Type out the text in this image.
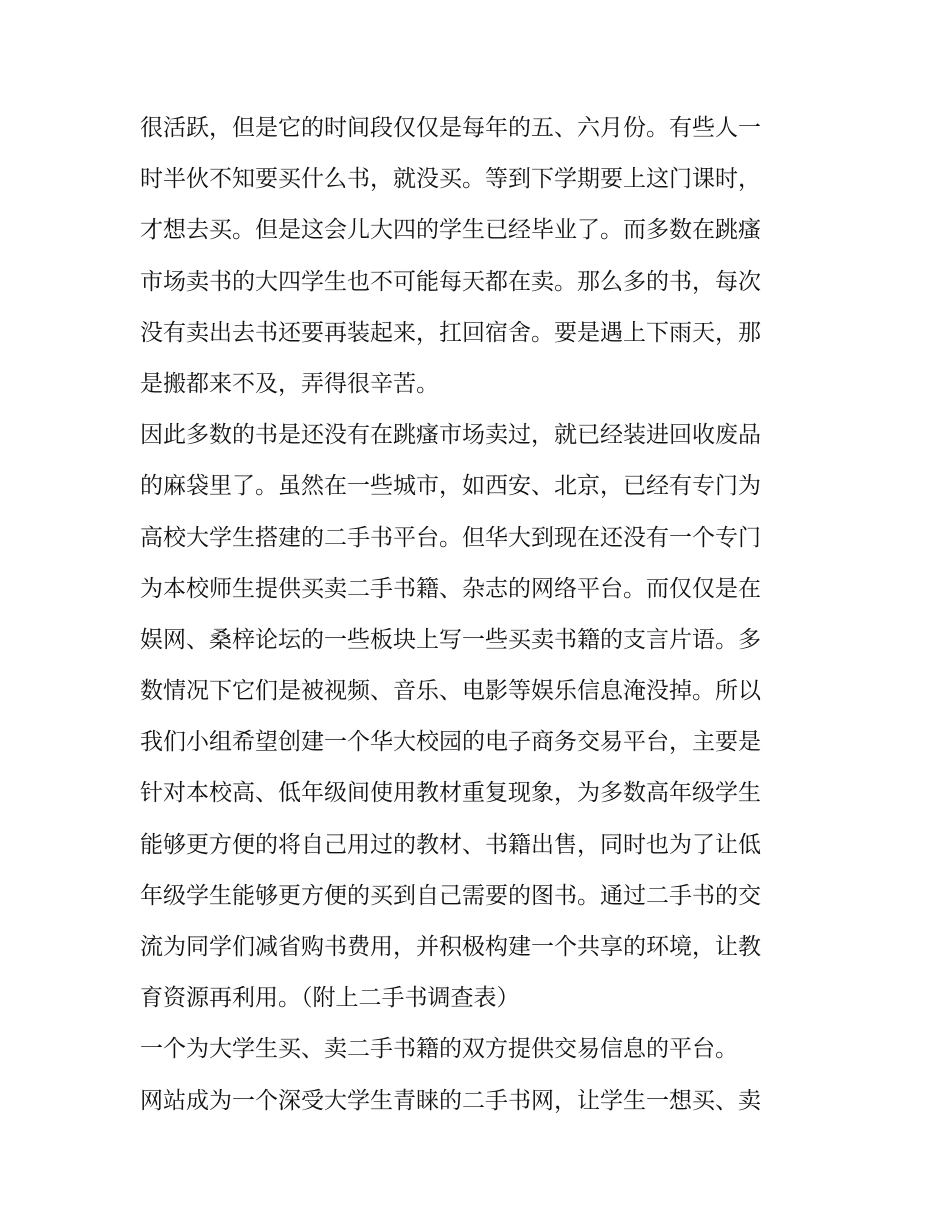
很活跃，但是它的时间段仅仅是每年的五、六月份。有些人一
时半伙不知要买什么书，就没买。等到下学期要上这门课时，
才想去买。但是这会儿大四的学生已经毕业了。而多数在跳瘙
市场卖书的大四学生也不可能每天都在卖。那么多的书，每次
没有卖出去书还要再装起来，扛回宿舍。要是遇上下雨天，那
是搬都来不及，弄得很辛苦。
因此多数的书是还没有在跳瘙市场卖过，就已经装进回收废品
的麻袋里了。虽然在一些城市，如西安、北京，已经有专门为
高校大学生搭建的二手书平台。但华大到现在还没有一个专门
为本校师生提供买卖二手书籍、杂志的网络平台。而仅仅是在
娱网、桑梓论坛的一些板块上写一些买卖书籍的支言片语。多
数情况下它们是被视频、音乐、电影等娱乐信息淹没掉。所以
我们小组希望创建一个华大校园的电子商务交易平台，主要是
针对本校高、低年级间使用教材重复现象，为多数高年级学生
能够更方便的将自己用过的教材、书籍出售，同时也为了让低
年级学生能够更方便的买到自己需要的图书。通过二手书的交
流为同学们减省购书费用，并积极构建一个共享的环境，让教
育资源再利用。（附上二手书调查表）
一个为大学生买、卖二手书籍的双方提供交易信息的平台。
网站成为一个深受大学生青睐的二手书网，让学生一想买、卖
